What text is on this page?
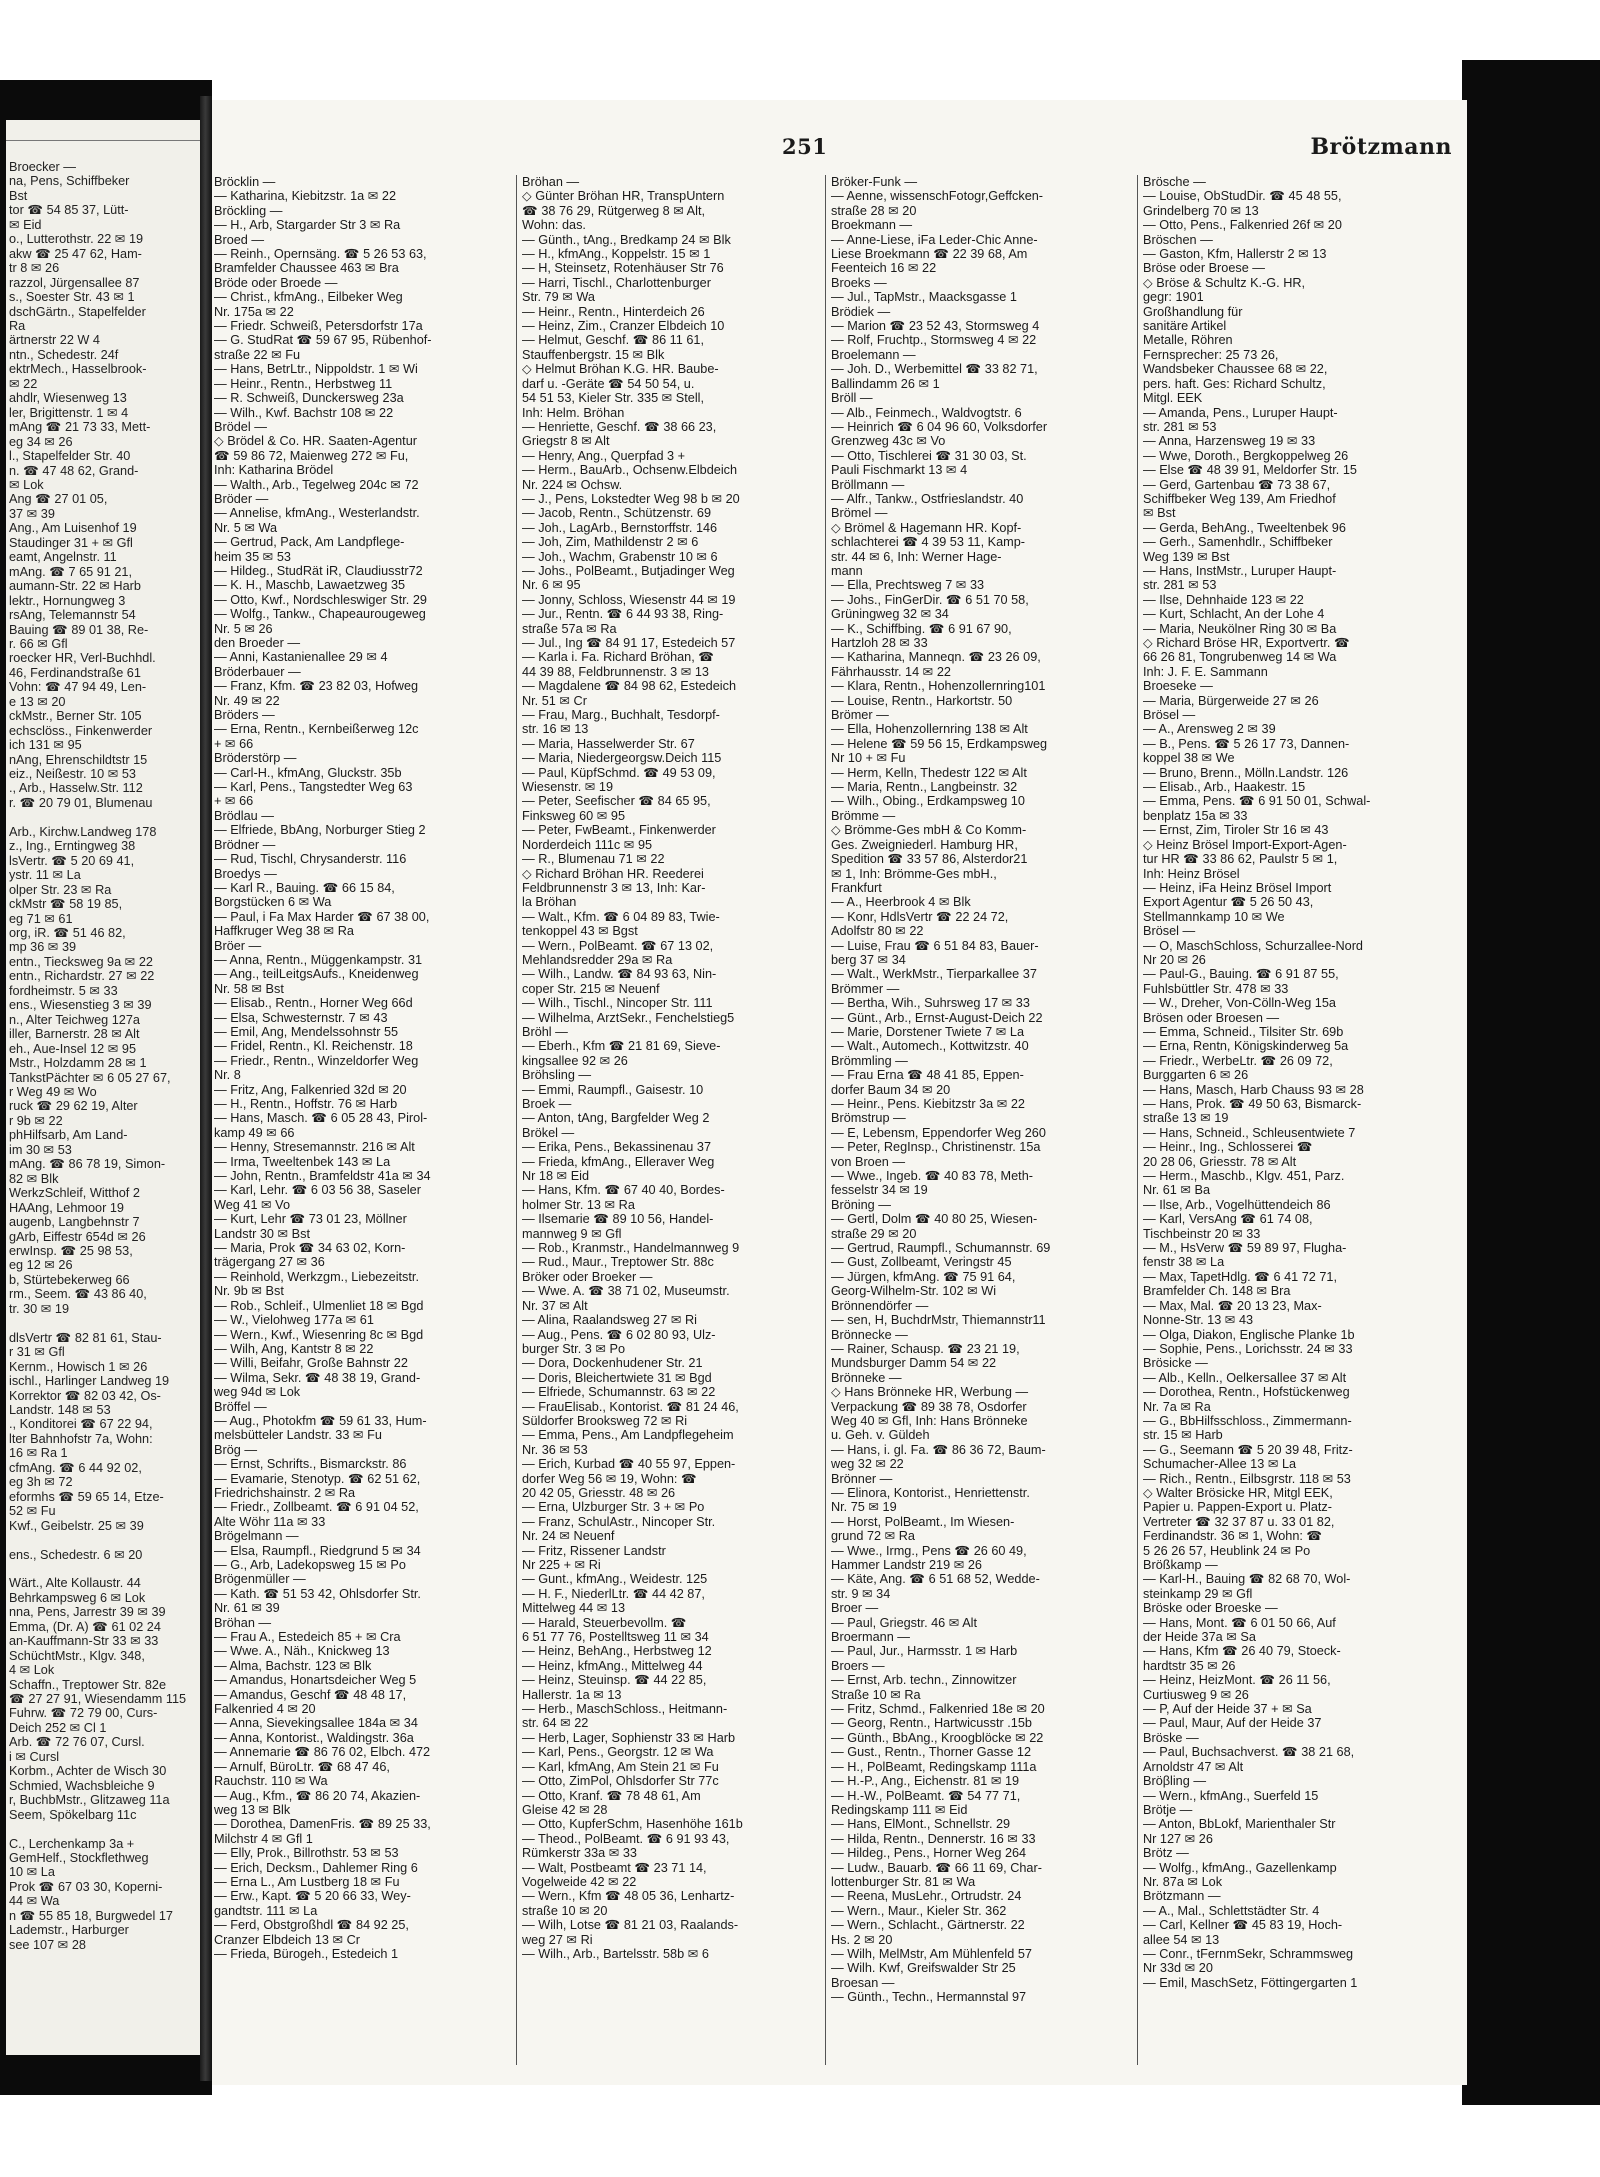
Broecker —
na, Pens, Schiffbeker
Bst
tor ☎ 54 85 37, Lütt-
✉ Eid
o., Lutterothstr. 22 ✉ 19
akw ☎ 25 47 62, Ham-
tr 8 ✉ 26
razzol, Jürgensallee 87
s., Soester Str. 43 ✉ 1
dschGärtn., Stapelfelder
Ra
ärtnerstr 22 W 4
ntn., Schedestr. 24f
ektrMech., Hasselbrook-
✉ 22
ahdlr, Wiesenweg 13
ler, Brigittenstr. 1 ✉ 4
mAng ☎ 21 73 33, Mett-
eg 34 ✉ 26
l., Stapelfelder Str. 40
n. ☎ 47 48 62, Grand-
✉ Lok
Ang ☎ 27 01 05,
37 ✉ 39
Ang., Am Luisenhof 19
Staudinger 31 + ✉ Gfl
eamt, Angelnstr. 11
mAng. ☎ 7 65 91 21,
aumann-Str. 22 ✉ Harb
lektr., Hornungweg 3
rsAng, Telemannstr 54
Bauing ☎ 89 01 38, Re-
r. 66 ✉ Gfl
roecker HR, Verl-Buchhdl.
46, Ferdinandstraße 61
Vohn: ☎ 47 94 49, Len-
e 13 ✉ 20
ckMstr., Berner Str. 105
echsclöss., Finkenwerder
ich 131 ✉ 95
nAng, Ehrenschildtstr 15
eiz., Neißestr. 10 ✉ 53
., Arb., Hasselw.Str. 112
r. ☎ 20 79 01, Blumenau

Arb., Kirchw.Landweg 178
z., Ing., Erntingweg 38
lsVertr. ☎ 5 20 69 41,
ystr. 11 ✉ La
olper Str. 23 ✉ Ra
ckMstr ☎ 58 19 85,
eg 71 ✉ 61
org, iR. ☎ 51 46 82,
mp 36 ✉ 39
entn., Tiecksweg 9a ✉ 22
entn., Richardstr. 27 ✉ 22
fordheimstr. 5 ✉ 33
ens., Wiesenstieg 3 ✉ 39
n., Alter Teichweg 127a
iller, Barnerstr. 28 ✉ Alt
eh., Aue-Insel 12 ✉ 95
Mstr., Holzdamm 28 ✉ 1
TankstPächter ✉ 6 05 27 67,
r Weg 49 ✉ Wo
ruck ☎ 29 62 19, Alter
r 9b ✉ 22
phHilfsarb, Am Land-
im 30 ✉ 53
mAng. ☎ 86 78 19, Simon-
82 ✉ Blk
WerkzSchleif, Witthof 2
HAAng, Lehmoor 19
augenb, Langbehnstr 7
gArb, Eiffestr 654d ✉ 26
erwInsp. ☎ 25 98 53,
eg 12 ✉ 26
b, Stürtebekerweg 66
rm., Seem. ☎ 43 86 40,
tr. 30 ✉ 19

dlsVertr ☎ 82 81 61, Stau-
r 31 ✉ Gfl
Kernm., Howisch 1 ✉ 26
ischl., Harlinger Landweg 19
Korrektor ☎ 82 03 42, Os-
Landstr. 148 ✉ 53
., Konditorei ☎ 67 22 94,
lter Bahnhofstr 7a, Wohn:
16 ✉ Ra 1
cfmAng. ☎ 6 44 92 02,
eg 3h ✉ 72
eformhs ☎ 59 65 14, Etze-
52 ✉ Fu
Kwf., Geibelstr. 25 ✉ 39

ens., Schedestr. 6 ✉ 20

Wärt., Alte Kollaustr. 44
Behrkampsweg 6 ✉ Lok
nna, Pens, Jarrestr 39 ✉ 39
Emma, (Dr. A) ☎ 61 02 24
an-Kauffmann-Str 33 ✉ 33
SchüchtMstr., Klgv. 348,
4 ✉ Lok
Schaffn., Treptower Str. 82e
☎ 27 27 91, Wiesendamm 115
Fuhrw. ☎ 72 79 00, Curs-
Deich 252 ✉ Cl 1
Arb. ☎ 72 76 07, Cursl.
i ✉ Cursl
Korbm., Achter de Wisch 30
Schmied, Wachsbleiche 9
r, BuchbMstr., Glitzaweg 11a
Seem, Spökelbarg 11c

C., Lerchenkamp 3a +
GemHelf., Stockflethweg
10 ✉ La
Prok ☎ 67 03 30, Koperni-
44 ✉ Wa
n ☎ 55 85 18, Burgwedel 17
Lademstr., Harburger
see 107 ✉ 28
251	Brötzmann
Bröcklin —
— Katharina, Kiebitzstr. 1a ✉ 22
Bröckling —
— H., Arb, Stargarder Str 3 ✉ Ra
Broed —
— Reinh., Opernsäng. ☎ 5 26 53 63,
Bramfelder Chaussee 463 ✉ Bra
Bröde oder Broede —
— Christ., kfmAng., Eilbeker Weg
Nr. 175a ✉ 22
— Friedr. Schweiß, Petersdorfstr 17a
— G. StudRat ☎ 59 67 95, Rübenhof-
straße 22 ✉ Fu
— Hans, BetrLtr., Nippoldstr. 1 ✉ Wi
— Heinr., Rentn., Herbstweg 11
— R. Schweiß, Dunckersweg 23a
— Wilh., Kwf. Bachstr 108 ✉ 22
Brödel —
◇ Brödel & Co. HR. Saaten-Agentur
☎ 59 86 72, Maienweg 272 ✉ Fu,
Inh: Katharina Brödel
— Walth., Arb., Tegelweg 204c ✉ 72
Bröder —
— Annelise, kfmAng., Westerlandstr.
Nr. 5 ✉ Wa
— Gertrud, Pack, Am Landpflege-
heim 35 ✉ 53
— Hildeg., StudRät iR, Claudiusstr72
— K. H., Maschb, Lawaetzweg 35
— Otto, Kwf., Nordschleswiger Str. 29
— Wolfg., Tankw., Chapeaurougeweg
Nr. 5 ✉ 26
den Broeder —
— Anni, Kastanienallee 29 ✉ 4
Bröderbauer —
— Franz, Kfm. ☎ 23 82 03, Hofweg
Nr. 49 ✉ 22
Bröders —
— Erna, Rentn., Kernbeißerweg 12c
+ ✉ 66
Bröderstörp —
— Carl-H., kfmAng, Gluckstr. 35b
— Karl, Pens., Tangstedter Weg 63
+ ✉ 66
Brödlau —
— Elfriede, BbAng, Norburger Stieg 2
Brödner —
— Rud, Tischl, Chrysanderstr. 116
Broedys —
— Karl R., Bauing. ☎ 66 15 84,
Borgstücken 6 ✉ Wa
— Paul, i Fa Max Harder ☎ 67 38 00,
Haffkruger Weg 38 ✉ Ra
Bröer —
— Anna, Rentn., Müggenkampstr. 31
— Ang., teilLeitgsAufs., Kneidenweg
Nr. 58 ✉ Bst
— Elisab., Rentn., Horner Weg 66d
— Elsa, Schwesternstr. 7 ✉ 43
— Emil, Ang, Mendelssohnstr 55
— Fridel, Rentn., Kl. Reichenstr. 18
— Friedr., Rentn., Winzeldorfer Weg
Nr. 8
— Fritz, Ang, Falkenried 32d ✉ 20
— H., Rentn., Hoffstr. 76 ✉ Harb
— Hans, Masch. ☎ 6 05 28 43, Pirol-
kamp 49 ✉ 66
— Henny, Stresemannstr. 216 ✉ Alt
— Irma, Tweeltenbek 143 ✉ La
— John, Rentn., Bramfeldstr 41a ✉ 34
— Karl, Lehr. ☎ 6 03 56 38, Saseler
Weg 41 ✉ Vo
— Kurt, Lehr ☎ 73 01 23, Möllner
Landstr 30 ✉ Bst
— Maria, Prok ☎ 34 63 02, Korn-
trägergang 27 ✉ 36
— Reinhold, Werkzgm., Liebezeitstr.
Nr. 9b ✉ Bst
— Rob., Schleif., Ulmenliet 18 ✉ Bgd
— W., Vielohweg 177a ✉ 61
— Wern., Kwf., Wiesenring 8c ✉ Bgd
— Wilh, Ang, Kantstr 8 ✉ 22
— Willi, Beifahr, Große Bahnstr 22
— Wilma, Sekr. ☎ 48 38 19, Grand-
weg 94d ✉ Lok
Bröffel —
— Aug., Photokfm ☎ 59 61 33, Hum-
melsbütteler Landstr. 33 ✉ Fu
Brög —
— Ernst, Schrifts., Bismarckstr. 86
— Evamarie, Stenotyp. ☎ 62 51 62,
Friedrichshainstr. 2 ✉ Ra
— Friedr., Zollbeamt. ☎ 6 91 04 52,
Alte Wöhr 11a ✉ 33
Brögelmann —
— Elsa, Raumpfl., Riedgrund 5 ✉ 34
— G., Arb, Ladekopsweg 15 ✉ Po
Brögenmüller —
— Kath. ☎ 51 53 42, Ohlsdorfer Str.
Nr. 61 ✉ 39
Bröhan —
— Frau A., Estedeich 85 + ✉ Cra
— Wwe. A., Näh., Knickweg 13
— Alma, Bachstr. 123 ✉ Blk
— Amandus, Honartsdeicher Weg 5
— Amandus, Geschf ☎ 48 48 17,
Falkenried 4 ✉ 20
— Anna, Sievekingsallee 184a ✉ 34
— Anna, Kontorist., Waldingstr. 36a
— Annemarie ☎ 86 76 02, Elbch. 472
— Arnulf, BüroLtr. ☎ 68 47 46,
Rauchstr. 110 ✉ Wa
— Aug., Kfm., ☎ 86 20 74, Akazien-
weg 13 ✉ Blk
— Dorothea, DamenFris. ☎ 89 25 33,
Milchstr 4 ✉ Gfl 1
— Elly, Prok., Billrothstr. 53 ✉ 53
— Erich, Decksm., Dahlemer Ring 6
— Erna L., Am Lustberg 18 ✉ Fu
— Erw., Kapt. ☎ 5 20 66 33, Wey-
gandtstr. 111 ✉ La
— Ferd, Obstgroßhdl ☎ 84 92 25,
Cranzer Elbdeich 13 ✉ Cr
— Frieda, Bürogeh., Estedeich 1
Bröhan —
◇ Günter Bröhan HR, TranspUntern
☎ 38 76 29, Rütgerweg 8 ✉ Alt,
Wohn: das.
— Günth., tAng., Bredkamp 24 ✉ Blk
— H., kfmAng., Koppelstr. 15 ✉ 1
— H, Steinsetz, Rotenhäuser Str 76
— Harri, Tischl., Charlottenburger
Str. 79 ✉ Wa
— Heinr., Rentn., Hinterdeich 26
— Heinz, Zim., Cranzer Elbdeich 10
— Helmut, Geschf. ☎ 86 11 61,
Stauffenbergstr. 15 ✉ Blk
◇ Helmut Bröhan K.G. HR. Baube-
darf u. -Geräte ☎ 54 50 54, u.
54 51 53, Kieler Str. 335 ✉ Stell,
Inh: Helm. Bröhan
— Henriette, Geschf. ☎ 38 66 23,
Griegstr 8 ✉ Alt
— Henry, Ang., Querpfad 3 +
— Herm., BauArb., Ochsenw.Elbdeich
Nr. 224 ✉ Ochsw.
— J., Pens, Lokstedter Weg 98 b ✉ 20
— Jacob, Rentn., Schützenstr. 69
— Joh., LagArb., Bernstorffstr. 146
— Joh, Zim, Mathildenstr 2 ✉ 6
— Joh., Wachm, Grabenstr 10 ✉ 6
— Johs., PolBeamt., Butjadinger Weg
Nr. 6 ✉ 95
— Jonny, Schloss, Wiesenstr 44 ✉ 19
— Jur., Rentn. ☎ 6 44 93 38, Ring-
straße 57a ✉ Ra
— Jul., Ing ☎ 84 91 17, Estedeich 57
— Karla i. Fa. Richard Bröhan, ☎
44 39 88, Feldbrunnenstr. 3 ✉ 13
— Magdalene ☎ 84 98 62, Estedeich
Nr. 51 ✉ Cr
— Frau, Marg., Buchhalt, Tesdorpf-
str. 16 ✉ 13
— Maria, Hasselwerder Str. 67
— Maria, Niedergeorgsw.Deich 115
— Paul, KüpfSchmd. ☎ 49 53 09,
Wiesenstr. ✉ 19
— Peter, Seefischer ☎ 84 65 95,
Finksweg 60 ✉ 95
— Peter, FwBeamt., Finkenwerder
Norderdeich 111c ✉ 95
— R., Blumenau 71 ✉ 22
◇ Richard Bröhan HR. Reederei
Feldbrunnenstr 3 ✉ 13, Inh: Kar-
la Bröhan
— Walt., Kfm. ☎ 6 04 89 83, Twie-
tenkoppel 43 ✉ Bgst
— Wern., PolBeamt. ☎ 67 13 02,
Mehlandsredder 29a ✉ Ra
— Wilh., Landw. ☎ 84 93 63, Nin-
coper Str. 215 ✉ Neuenf
— Wilh., Tischl., Nincoper Str. 111
— Wilhelma, ArztSekr., Fenchelstieg5
Bröhl —
— Eberh., Kfm ☎ 21 81 69, Sieve-
kingsallee 92 ✉ 26
Bröhsling —
— Emmi, Raumpfl., Gaisestr. 10
Broek —
— Anton, tAng, Bargfelder Weg 2
Brökel —
— Erika, Pens., Bekassinenau 37
— Frieda, kfmAng., Elleraver Weg
Nr 18 ✉ Eid
— Hans, Kfm. ☎ 67 40 40, Bordes-
holmer Str. 13 ✉ Ra
— Ilsemarie ☎ 89 10 56, Handel-
mannweg 9 ✉ Gfl
— Rob., Kranmstr., Handelmannweg 9
— Rud., Maur., Treptower Str. 88c
Bröker oder Broeker —
— Wwe. A. ☎ 38 71 02, Museumstr.
Nr. 37 ✉ Alt
— Alina, Raalandsweg 27 ✉ Ri
— Aug., Pens. ☎ 6 02 80 93, Ulz-
burger Str. 3 ✉ Po
— Dora, Dockenhudener Str. 21
— Doris, Bleichertwiete 31 ✉ Bgd
— Elfriede, Schumannstr. 63 ✉ 22
— FrauElisab., Kontorist. ☎ 81 24 46,
Süldorfer Brooksweg 72 ✉ Ri
— Emma, Pens., Am Landpflegeheim
Nr. 36 ✉ 53
— Erich, Kurbad ☎ 40 55 97, Eppen-
dorfer Weg 56 ✉ 19, Wohn: ☎
20 42 05, Griesstr. 48 ✉ 26
— Erna, Ulzburger Str. 3 + ✉ Po
— Franz, SchulAstr., Nincoper Str.
Nr. 24 ✉ Neuenf
— Fritz, Rissener Landstr
Nr 225 + ✉ Ri
— Gunt., kfmAng., Weidestr. 125
— H. F., NiederlLtr. ☎ 44 42 87,
Mittelweg 44 ✉ 13
— Harald, Steuerbevollm. ☎
6 51 77 76, Postelltsweg 11 ✉ 34
— Heinz, BehAng., Herbstweg 12
— Heinz, kfmAng., Mittelweg 44
— Heinz, Steuinsp. ☎ 44 22 85,
Hallerstr. 1a ✉ 13
— Herb., MaschSchloss., Heitmann-
str. 64 ✉ 22
— Herb, Lager, Sophienstr 33 ✉ Harb
— Karl, Pens., Georgstr. 12 ✉ Wa
— Karl, kfmAng, Am Stein 21 ✉ Fu
— Otto, ZimPol, Ohlsdorfer Str 77c
— Otto, Kranf. ☎ 78 48 61, Am
Gleise 42 ✉ 28
— Otto, KupferSchm, Hasenhöhe 161b
— Theod., PolBeamt. ☎ 6 91 93 43,
Rümkerstr 33a ✉ 33
— Walt, Postbeamt ☎ 23 71 14,
Vogelweide 42 ✉ 22
— Wern., Kfm ☎ 48 05 36, Lenhartz-
straße 10 ✉ 20
— Wilh, Lotse ☎ 81 21 03, Raalands-
weg 27 ✉ Ri
— Wilh., Arb., Bartelsstr. 58b ✉ 6
Bröker-Funk —
— Aenne, wissenschFotogr,Geffcken-
straße 28 ✉ 20
Broekmann —
— Anne-Liese, iFa Leder-Chic Anne-
Liese Broekmann ☎ 22 39 68, Am
Feenteich 16 ✉ 22
Broeks —
— Jul., TapMstr., Maacksgasse 1
Brödiek —
— Marion ☎ 23 52 43, Stormsweg 4
— Rolf, Fruchtp., Stormsweg 4 ✉ 22
Broelemann —
— Joh. D., Werbemittel ☎ 33 82 71,
Ballindamm 26 ✉ 1
Bröll —
— Alb., Feinmech., Waldvogtstr. 6
— Heinrich ☎ 6 04 96 60, Volksdorfer
Grenzweg 43c ✉ Vo
— Otto, Tischlerei ☎ 31 30 03, St.
Pauli Fischmarkt 13 ✉ 4
Bröllmann —
— Alfr., Tankw., Ostfrieslandstr. 40
Brömel —
◇ Brömel & Hagemann HR. Kopf-
schlachterei ☎ 4 39 53 11, Kamp-
str. 44 ✉ 6, Inh: Werner Hage-
mann
— Ella, Prechtsweg 7 ✉ 33
— Johs., FinGerDir. ☎ 6 51 70 58,
Grüningweg 32 ✉ 34
— K., Schiffbing. ☎ 6 91 67 90,
Hartzloh 28 ✉ 33
— Katharina, Manneqn. ☎ 23 26 09,
Fährhausstr. 14 ✉ 22
— Klara, Rentn., Hohenzollernring101
— Louise, Rentn., Harkortstr. 50
Brömer —
— Ella, Hohenzollernring 138 ✉ Alt
— Helene ☎ 59 56 15, Erdkampsweg
Nr 10 + ✉ Fu
— Herm, Kelln, Thedestr 122 ✉ Alt
— Maria, Rentn., Langbeinstr. 32
— Wilh., Obing., Erdkampsweg 10
Brömme —
◇ Brömme-Ges mbH & Co Komm-
Ges. Zweigniederl. Hamburg HR,
Spedition ☎ 33 57 86, Alsterdor21
✉ 1, Inh: Brömme-Ges mbH.,
Frankfurt
— A., Heerbrook 4 ✉ Blk
— Konr, HdlsVertr ☎ 22 24 72,
Adolfstr 80 ✉ 22
— Luise, Frau ☎ 6 51 84 83, Bauer-
berg 37 ✉ 34
— Walt., WerkMstr., Tierparkallee 37
Brömmer —
— Bertha, Wih., Suhrsweg 17 ✉ 33
— Günt., Arb., Ernst-August-Deich 22
— Marie, Dorstener Twiete 7 ✉ La
— Walt., Automech., Kottwitzstr. 40
Brömmling —
— Frau Erna ☎ 48 41 85, Eppen-
dorfer Baum 34 ✉ 20
— Heinr., Pens. Kiebitzstr 3a ✉ 22
Brömstrup —
— E, Lebensm, Eppendorfer Weg 260
— Peter, RegInsp., Christinenstr. 15a
von Broen —
— Wwe., Ingeb. ☎ 40 83 78, Meth-
fesselstr 34 ✉ 19
Bröning —
— Gertl, Dolm ☎ 40 80 25, Wiesen-
straße 29 ✉ 20
— Gertrud, Raumpfl., Schumannstr. 69
— Gust, Zollbeamt, Veringstr 45
— Jürgen, kfmAng. ☎ 75 91 64,
Georg-Wilhelm-Str. 102 ✉ Wi
Brönnendörfer —
— sen, H, BuchdrMstr, Thiemannstr11
Brönnecke —
— Rainer, Schausp. ☎ 23 21 19,
Mundsburger Damm 54 ✉ 22
Brönneke —
◇ Hans Brönneke HR, Werbung —
Verpackung ☎ 89 38 78, Osdorfer
Weg 40 ✉ Gfl, Inh: Hans Brönneke
u. Geh. v. Güldeh
— Hans, i. gl. Fa. ☎ 86 36 72, Baum-
weg 32 ✉ 22
Brönner —
— Elinora, Kontorist., Henriettenstr.
Nr. 75 ✉ 19
— Horst, PolBeamt., Im Wiesen-
grund 72 ✉ Ra
— Wwe., Irmg., Pens ☎ 26 60 49,
Hammer Landstr 219 ✉ 26
— Käte, Ang. ☎ 6 51 68 52, Wedde-
str. 9 ✉ 34
Broer —
— Paul, Griegstr. 46 ✉ Alt
Broermann —
— Paul, Jur., Harmsstr. 1 ✉ Harb
Broers —
— Ernst, Arb. techn., Zinnowitzer
Straße 10 ✉ Ra
— Fritz, Schmd., Falkenried 18e ✉ 20
— Georg, Rentn., Hartwicusstr .15b
— Günth., BbAng., Kroogblöcke ✉ 22
— Gust., Rentn., Thorner Gasse 12
— H., PolBeamt, Redingskamp 111a
— H.-P., Ang., Eichenstr. 81 ✉ 19
— H.-W., PolBeamt. ☎ 54 77 71,
Redingskamp 111 ✉ Eid
— Hans, ElMont., Schnellstr. 29
— Hilda, Rentn., Dennerstr. 16 ✉ 33
— Hildeg., Pens., Horner Weg 264
— Ludw., Bauarb. ☎ 66 11 69, Char-
lottenburger Str. 81 ✉ Wa
— Reena, MusLehr., Ortrudstr. 24
— Wern., Maur., Kieler Str. 362
— Wern., Schlacht., Gärtnerstr. 22
Hs. 2 ✉ 20
— Wilh, MelMstr, Am Mühlenfeld 57
— Wilh. Kwf, Greifswalder Str 25
Broesan —
— Günth., Techn., Hermannstal 97
Brösche —
— Louise, ObStudDir. ☎ 45 48 55,
Grindelberg 70 ✉ 13
— Otto, Pens., Falkenried 26f ✉ 20
Bröschen —
— Gaston, Kfm, Hallerstr 2 ✉ 13
Bröse oder Broese —
◇ Bröse & Schultz K.-G. HR,
gegr: 1901
Großhandlung für
sanitäre Artikel
Metalle, Röhren
Fernsprecher: 25 73 26,
Wandsbeker Chaussee 68 ✉ 22,
pers. haft. Ges: Richard Schultz,
Mitgl. EEK
— Amanda, Pens., Luruper Haupt-
str. 281 ✉ 53
— Anna, Harzensweg 19 ✉ 33
— Wwe, Doroth., Bergkoppelweg 26
— Else ☎ 48 39 91, Meldorfer Str. 15
— Gerd, Gartenbau ☎ 73 38 67,
Schiffbeker Weg 139, Am Friedhof
✉ Bst
— Gerda, BehAng., Tweeltenbek 96
— Gerh., Samenhdlr., Schiffbeker
Weg 139 ✉ Bst
— Hans, InstMstr., Luruper Haupt-
str. 281 ✉ 53
— Ilse, Dehnhaide 123 ✉ 22
— Kurt, Schlacht, An der Lohe 4
— Maria, Neukölner Ring 30 ✉ Ba
◇ Richard Bröse HR, Exportvertr. ☎
66 26 81, Tongrubenweg 14 ✉ Wa
Inh: J. F. E. Sammann
Broeseke —
— Maria, Bürgerweide 27 ✉ 26
Brösel —
— A., Arensweg 2 ✉ 39
— B., Pens. ☎ 5 26 17 73, Dannen-
koppel 38 ✉ We
— Bruno, Brenn., Mölln.Landstr. 126
— Elisab., Arb., Haakestr. 15
— Emma, Pens. ☎ 6 91 50 01, Schwal-
benplatz 15a ✉ 33
— Ernst, Zim, Tiroler Str 16 ✉ 43
◇ Heinz Brösel Import-Export-Agen-
tur HR ☎ 33 86 62, Paulstr 5 ✉ 1,
Inh: Heinz Brösel
— Heinz, iFa Heinz Brösel Import
Export Agentur ☎ 5 26 50 43,
Stellmannkamp 10 ✉ We
Brösel —
— O, MaschSchloss, Schurzallee-Nord
Nr 20 ✉ 26
— Paul-G., Bauing. ☎ 6 91 87 55,
Fuhlsbüttler Str. 478 ✉ 33
— W., Dreher, Von-Cölln-Weg 15a
Brösen oder Broesen —
— Emma, Schneid., Tilsiter Str. 69b
— Erna, Rentn, Königskinderweg 5a
— Friedr., WerbeLtr. ☎ 26 09 72,
Burggarten 6 ✉ 26
— Hans, Masch, Harb Chauss 93 ✉ 28
— Hans, Prok. ☎ 49 50 63, Bismarck-
straße 13 ✉ 19
— Hans, Schneid., Schleusentwiete 7
— Heinr., Ing., Schlosserei ☎
20 28 06, Griesstr. 78 ✉ Alt
— Herm., Maschb., Klgv. 451, Parz.
Nr. 61 ✉ Ba
— Ilse, Arb., Vogelhüttendeich 86
— Karl, VersAng ☎ 61 74 08,
Tischbeinstr 20 ✉ 33
— M., HsVerw ☎ 59 89 97, Flugha-
fenstr 38 ✉ La
— Max, TapetHdlg. ☎ 6 41 72 71,
Bramfelder Ch. 148 ✉ Bra
— Max, Mal. ☎ 20 13 23, Max-
Nonne-Str. 13 ✉ 43
— Olga, Diakon, Englische Planke 1b
— Sophie, Pens., Lorichsstr. 24 ✉ 33
Brösicke —
— Alb., Kelln., Oelkersallee 37 ✉ Alt
— Dorothea, Rentn., Hofstückenweg
Nr. 7a ✉ Ra
— G., BbHilfsschloss., Zimmermann-
str. 15 ✉ Harb
— G., Seemann ☎ 5 20 39 48, Fritz-
Schumacher-Allee 13 ✉ La
— Rich., Rentn., Eilbsgrstr. 118 ✉ 53
◇ Walter Brösicke HR, Mitgl EEK,
Papier u. Pappen-Export u. Platz-
Vertreter ☎ 32 37 87 u. 33 01 82,
Ferdinandstr. 36 ✉ 1, Wohn: ☎
5 26 26 57, Heublink 24 ✉ Po
Brößkamp —
— Karl-H., Bauing ☎ 82 68 70, Wol-
steinkamp 29 ✉ Gfl
Bröske oder Broeske —
— Hans, Mont. ☎ 6 01 50 66, Auf
der Heide 37a ✉ Sa
— Hans, Kfm ☎ 26 40 79, Stoeck-
hardtstr 35 ✉ 26
— Heinz, HeizMont. ☎ 26 11 56,
Curtiusweg 9 ✉ 26
— P, Auf der Heide 37 + ✉ Sa
— Paul, Maur, Auf der Heide 37
Bröske —
— Paul, Buchsachverst. ☎ 38 21 68,
Arnoldstr 47 ✉ Alt
Bröβling —
— Wern., kfmAng., Suerfeld 15
Brötje —
— Anton, BbLokf, Marienthaler Str
Nr 127 ✉ 26
Brötz —
— Wolfg., kfmAng., Gazellenkamp
Nr. 87a ✉ Lok
Brötzmann —
— A., Mal., Schlettstädter Str. 4
— Carl, Kellner ☎ 45 83 19, Hoch-
allee 54 ✉ 13
— Conr., tFernmSekr, Schrammsweg
Nr 33d ✉ 20
— Emil, MaschSetz, Föttingergarten 1
